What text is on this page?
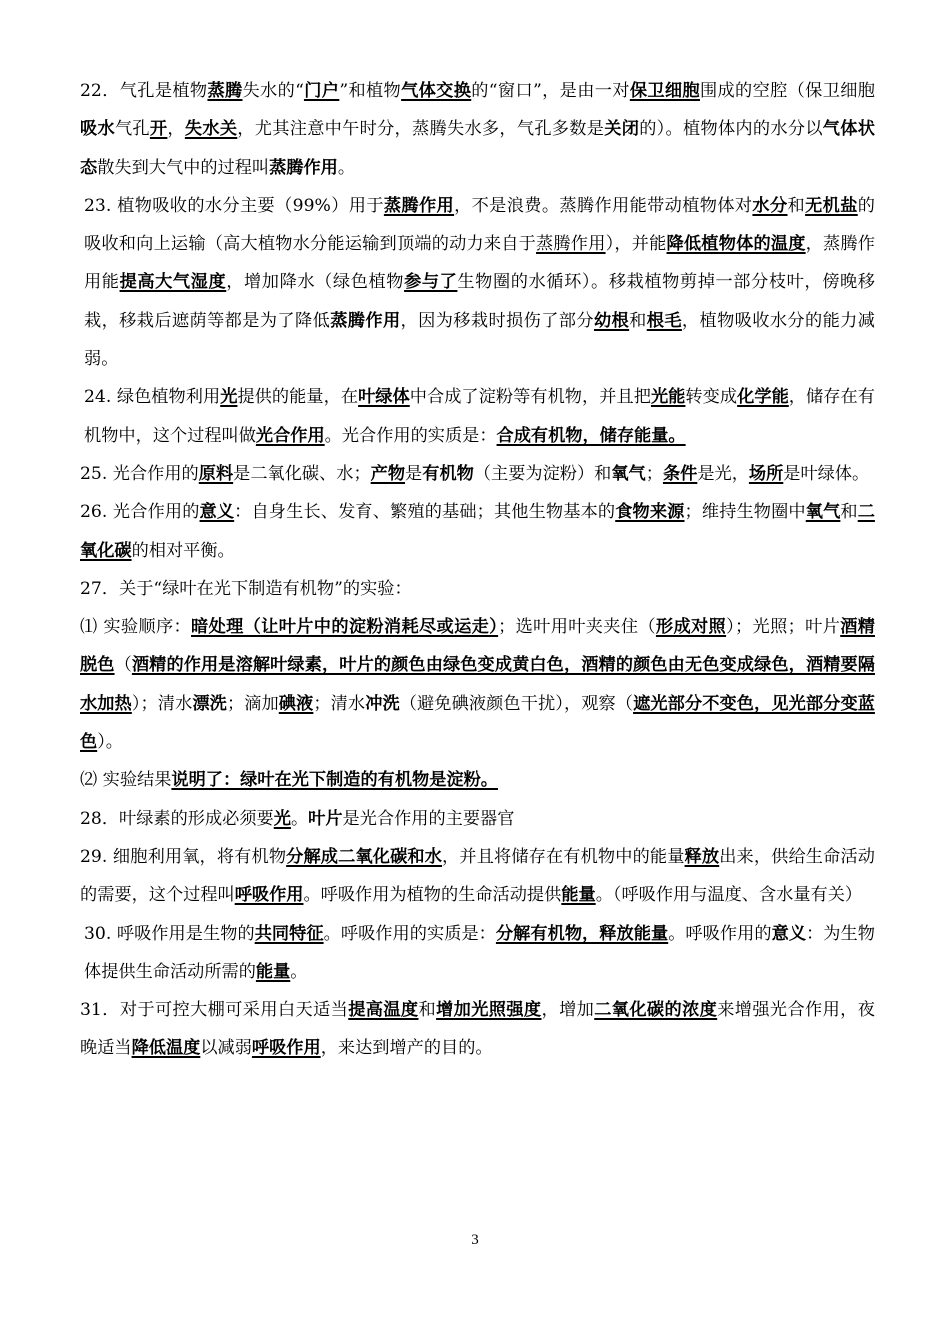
22．气孔是植物蒸腾失水的“门户”和植物气体交换的“窗口”，是由一对保卫细胞围成的空腔（保卫细胞吸水气孔开，失水关，尤其注意中午时分，蒸腾失水多，气孔多数是关闭的）。植物体内的水分以气体状态散失到大气中的过程叫蒸腾作用。

23. 植物吸收的水分主要（99%）用于蒸腾作用，不是浪费。蒸腾作用能带动植物体对水分和无机盐的吸收和向上运输（高大植物水分能运输到顶端的动力来自于蒸腾作用），并能降低植物体的温度，蒸腾作用能提高大气湿度，增加降水（绿色植物参与了生物圈的水循环）。移栽植物剪掉一部分枝叶，傍晚移栽，移栽后遮荫等都是为了降低蒸腾作用，因为移栽时损伤了部分幼根和根毛，植物吸收水分的能力减弱。

24. 绿色植物利用光提供的能量，在叶绿体中合成了淀粉等有机物，并且把光能转变成化学能，储存在有机物中，这个过程叫做光合作用。光合作用的实质是：合成有机物，储存能量。

25. 光合作用的原料是二氧化碳、水；产物是有机物（主要为淀粉）和氧气；条件是光，场所是叶绿体。

26. 光合作用的意义：自身生长、发育、繁殖的基础；其他生物基本的食物来源；维持生物圈中氧气和二氧化碳的相对平衡。

27．关于“绿叶在光下制造有机物”的实验：

⑴ 实验顺序：暗处理（让叶片中的淀粉消耗尽或运走）；选叶用叶夹夹住（形成对照）；光照；叶片酒精脱色（酒精的作用是溶解叶绿素，叶片的颜色由绿色变成黄白色，酒精的颜色由无色变成绿色，酒精要隔水加热）；清水漂洗；滴加碘液；清水冲洗（避免碘液颜色干扰），观察（遮光部分不变色，见光部分变蓝色）。

⑵ 实验结果说明了：绿叶在光下制造的有机物是淀粉。

28．叶绿素的形成必须要光。叶片是光合作用的主要器官

29. 细胞利用氧，将有机物分解成二氧化碳和水，并且将储存在有机物中的能量释放出来，供给生命活动的需要，这个过程叫呼吸作用。呼吸作用为植物的生命活动提供能量。（呼吸作用与温度、含水量有关）

30. 呼吸作用是生物的共同特征。呼吸作用的实质是：分解有机物，释放能量。呼吸作用的意义：为生物体提供生命活动所需的能量。

31．对于可控大棚可采用白天适当提高温度和增加光照强度，增加二氧化碳的浓度来增强光合作用，夜晚适当降低温度以减弱呼吸作用，来达到增产的目的。

3
